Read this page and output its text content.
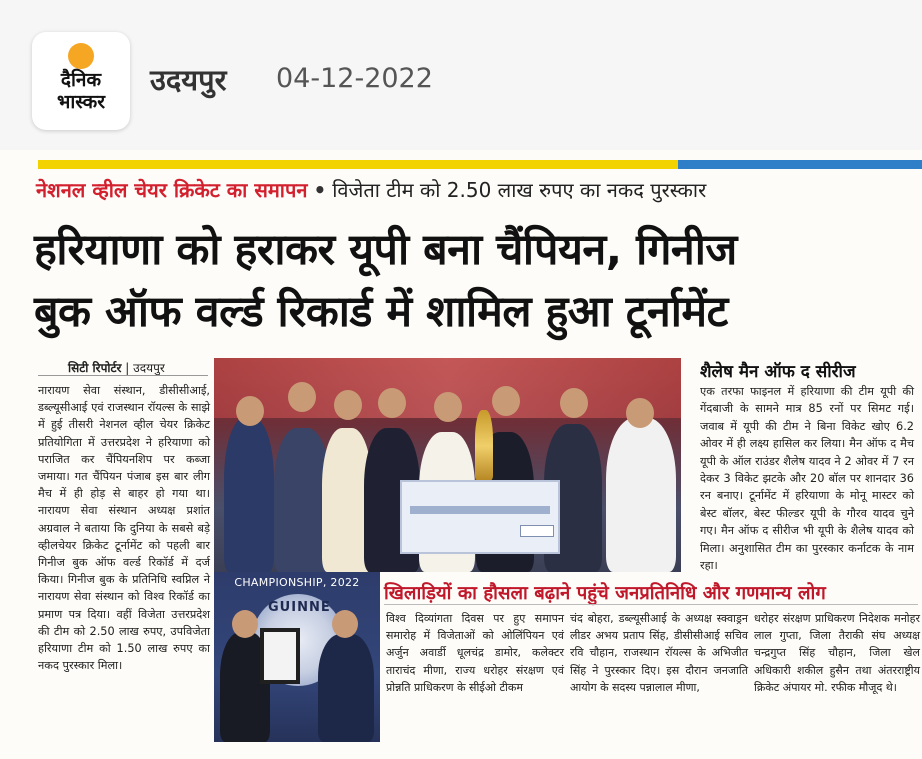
दैनिक
भास्कर
उदयपुर 04-12-2022
नेशनल व्हील चेयर क्रिकेट का समापन • विजेता टीम को 2.50 लाख रुपए का नकद पुरस्कार
हरियाणा को हराकर यूपी बना चैंपियन, गिनीज
बुक ऑफ वर्ल्ड रिकार्ड में शामिल हुआ टूर्नामेंट
सिटी रिपोर्टर | उदयपुर
नारायण सेवा संस्थान, डीसीसीआई, डब्ल्यूसीआई एवं राजस्थान रॉयल्स के साझे में हुई तीसरी नेशनल व्हील चेयर क्रिकेट प्रतियोगिता में उत्तरप्रदेश ने हरियाणा को पराजित कर चैंपियनशिप पर कब्जा जमाया। गत चैंपियन पंजाब इस बार लीग मैच में ही होड़ से बाहर हो गया था। नारायण सेवा संस्थान अध्यक्ष प्रशांत अग्रवाल ने बताया कि दुनिया के सबसे बड़े व्हीलचेयर क्रिकेट टूर्नामेंट को पहली बार गिनीज बुक ऑफ वर्ल्ड रिकॉर्ड में दर्ज किया। गिनीज बुक के प्रतिनिधि स्वप्निल ने नारायण सेवा संस्थान को विश्व रिकॉर्ड का प्रमाण पत्र दिया। वहीं विजेता उत्तरप्रदेश की टीम को 2.50 लाख रुपए, उपविजेता हरियाणा टीम को 1.50 लाख रुपए का नकद पुरस्कार मिला।
CHAMPIONSHIP, 2022
GUINNE
शैलेष मैन ऑफ द सीरीज
एक तरफा फाइनल में हरियाणा की टीम यूपी की गेंदबाजी के सामने मात्र 85 रनों पर सिमट गई। जवाब में यूपी की टीम ने बिना विकेट खोए 6.2 ओवर में ही लक्ष्य हासिल कर लिया। मैन ऑफ द मैच यूपी के ऑल राउंडर शैलेष यादव ने 2 ओवर में 7 रन देकर 3 विकेट झटके और 20 बॉल पर शानदार 36 रन बनाए। टूर्नामेंट में हरियाणा के मोनू मास्टर को बेस्ट बॉलर, बेस्ट फील्डर यूपी के गौरव यादव चुने गए। मैन ऑफ द सीरीज भी यूपी के शैलेष यादव को मिला। अनुशासित टीम का पुरस्कार कर्नाटक के नाम रहा।
खिलाड़ियों का हौसला बढ़ाने पहुंचे जनप्रतिनिधि और गणमान्य लोग
विश्व दिव्यांगता दिवस पर हुए समापन समारोह में विजेताओं को ओलिंपियन एवं अर्जुन अवार्डी धूलचंद्र डामोर, कलेक्टर ताराचंद मीणा, राज्य धरोहर संरक्षण एवं प्रोन्नति प्राधिकरण के सीईओ टीकम
चंद बोहरा, डब्ल्यूसीआई के अध्यक्ष स्क्वाड्रन लीडर अभय प्रताप सिंह, डीसीसीआई सचिव रवि चौहान, राजस्थान रॉयल्स के अभिजीत सिंह ने पुरस्कार दिए। इस दौरान जनजाति आयोग के सदस्य पन्नालाल मीणा,
धरोहर संरक्षण प्राधिकरण निदेशक मनोहर लाल गुप्ता, जिला तैराकी संघ अध्यक्ष चन्द्रगुप्त सिंह चौहान, जिला खेल अधिकारी शकील हुसैन तथा अंतरराष्ट्रीय क्रिकेट अंपायर मो. रफीक मौजूद थे।
